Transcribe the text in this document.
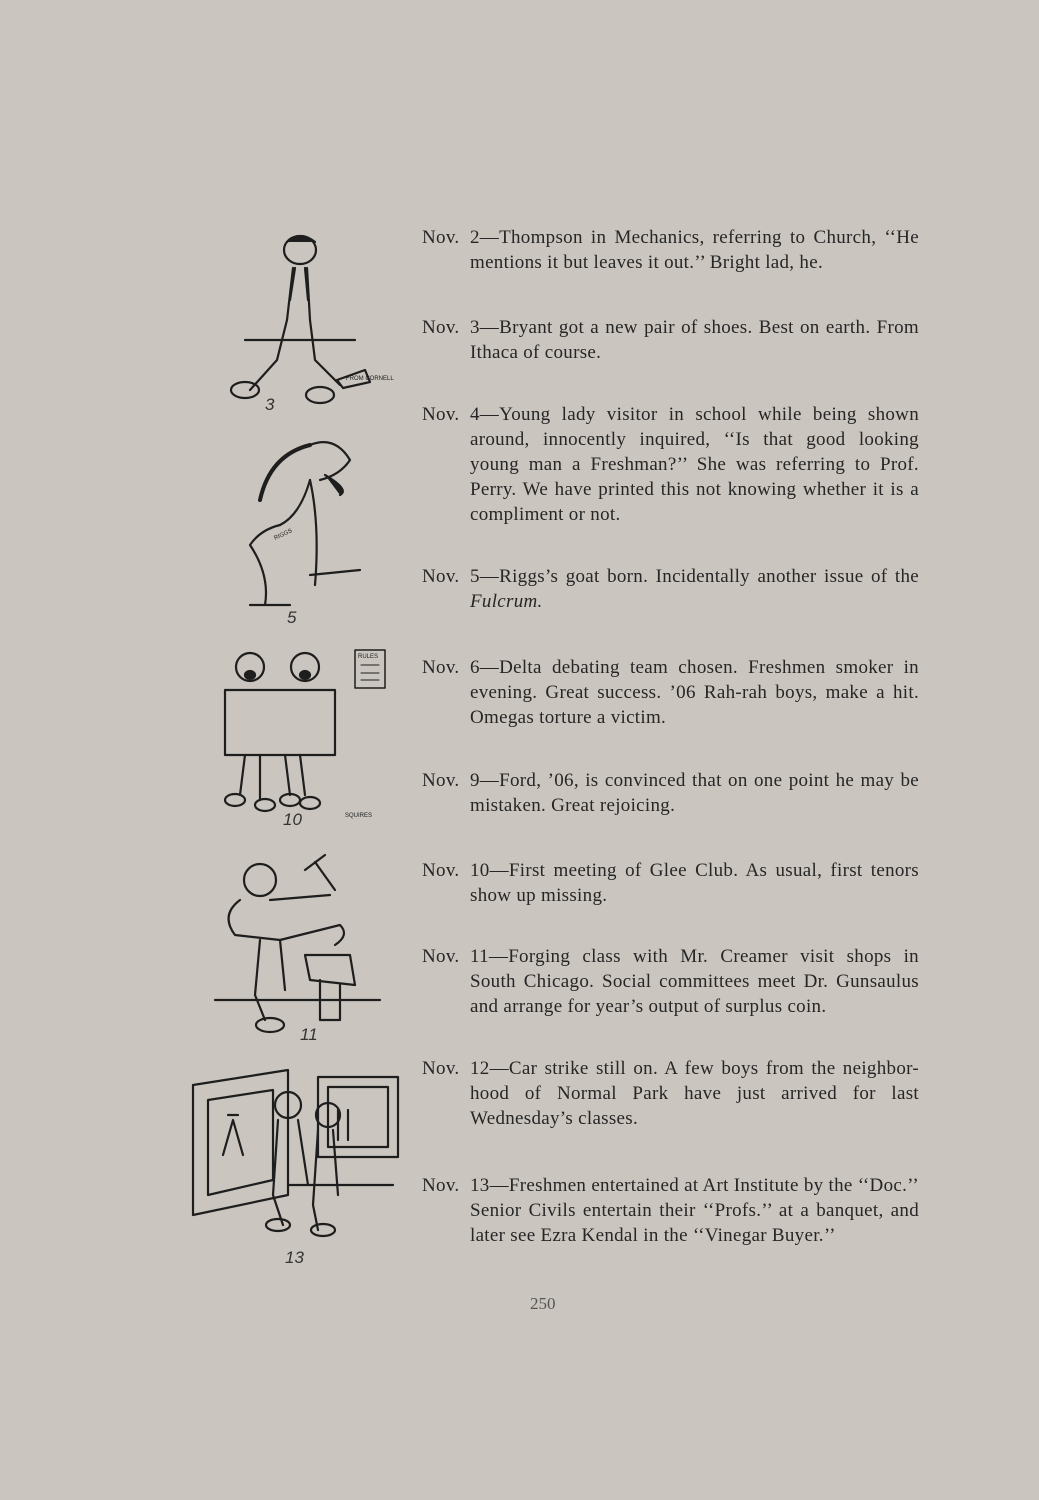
Nov. 2—Thompson in Mechanics, referring to Church, ‘‘He mentions it but leaves it out.’’ Bright lad, he.
Nov. 3—Bryant got a new pair of shoes. Best on earth. From Ithaca of course.
Nov. 4—Young lady visitor in school while being shown around, innocently inquired, ‘‘Is that good looking young man a Freshman?’’ She was referring to Prof. Perry. We have printed this not knowing whether it is a compliment or not.
Nov. 5—Riggs’s goat born. Incidentally another issue of the Fulcrum.
Nov. 6—Delta debating team chosen. Freshmen smoker in evening. Great success. ’06 Rah-rah boys, make a hit. Omegas torture a victim.
Nov. 9—Ford, ’06, is convinced that on one point he may be mistaken. Great rejoicing.
Nov. 10—First meeting of Glee Club. As usual, first tenors show up missing.
Nov. 11—Forging class with Mr. Creamer visit shops in South Chicago. Social committees meet Dr. Gunsaulus and arrange for year’s output of surplus coin.
Nov. 12—Car strike still on. A few boys from the neighbor-hood of Normal Park have just arrived for last Wednesday’s classes.
Nov. 13—Freshmen entertained at Art Institute by the ‘‘Doc.’’ Senior Civils entertain their ‘‘Profs.’’ at a banquet, and later see Ezra Kendal in the ‘‘Vinegar Buyer.’’
FROM CORNELL
3
RIGGS
5
RULES
SQUIRES
10
11
13
250
